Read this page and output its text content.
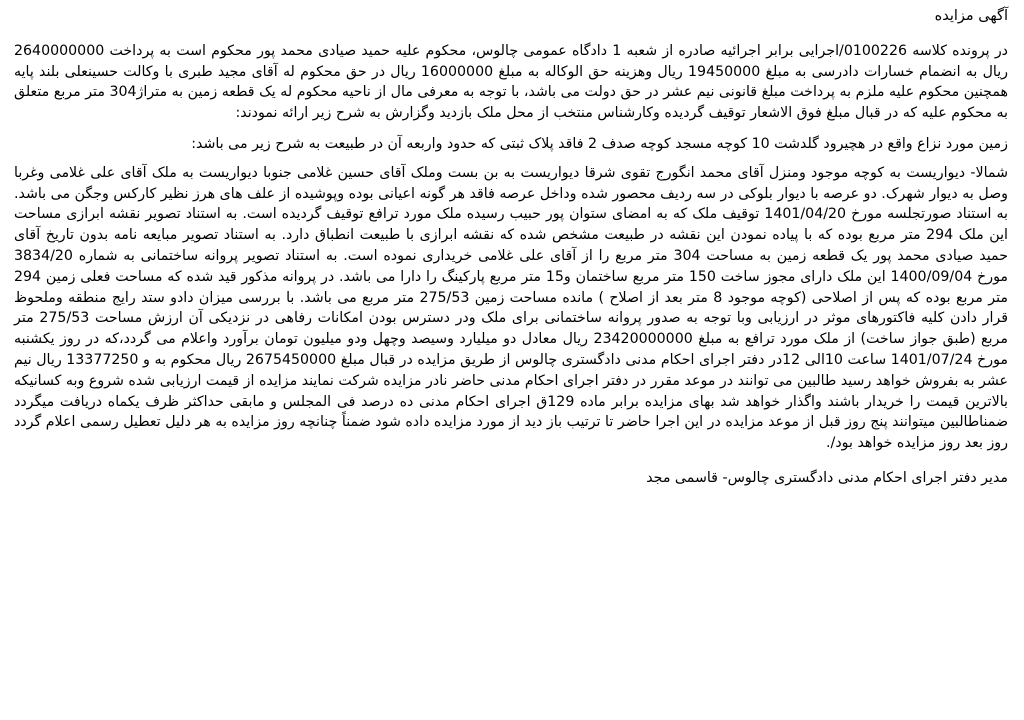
آگهی مزایده

در پرونده کلاسه 0100226/اجرایی برابر اجرائیه صادره از شعبه 1 دادگاه عمومی چالوس، محکوم علیه حمید صیادی محمد پور محکوم است به پرداخت 2640000000 ریال به انضمام خسارات دادرسی به مبلغ 19450000 ریال وهزینه حق الوکاله به مبلغ 16000000 ریال در حق محکوم له آقای مجید طبری با وکالت حسینعلی بلند پایه همچنین محکوم علیه ملزم به پرداخت مبلغ قانونی نیم عشر در حق دولت می باشد، با توجه به معرفی مال از ناحیه محکوم له یک قطعه زمین به متراژ304 متر مربع متعلق به محکوم علیه که در قبال مبلغ فوق الاشعار توقیف گردیده وکارشناس منتخب از محل ملک بازدید وگزارش به شرح زیر ارائه نمودند:

زمین مورد نزاع واقع در هچیرود گلدشت 10 کوچه مسجد کوچه صدف 2 فاقد پلاک ثبتی که حدود واربعه آن در طبیعت به شرح زیر می باشد:

شمالا- دیواریست به کوچه موجود ومنزل آقای محمد انگورج تقوی شرقا دیواریست به بن بست وملک آقای حسین غلامی جنوبا دیواریست به ملک آقای علی غلامی وغربا وصل به دیوار شهرک. دو عرصه با دیوار بلوکی در سه ردیف محصور شده وداخل عرصه فاقد هر گونه اعیانی بوده وپوشیده از علف های هرز نظیر کارکس وجگن می باشد. به استناد صورتجلسه مورخ 1401/04/20 توقیف ملک که به امضای ستوان پور حبیب رسیده ملک مورد ترافع توقیف گردیده است. به استناد تصویر نقشه ابرازی مساحت این ملک 294 متر مربع بوده که با پیاده نمودن این نقشه در طبیعت مشخص شده که نقشه ابرازی با طبیعت انطباق دارد. به استناد تصویر مبایعه نامه بدون تاریخ آقای حمید صیادی محمد پور یک قطعه زمین به مساحت 304 متر مربع را از آقای علی غلامی خریداری نموده است. به استناد تصویر پروانه ساختمانی به شماره 3834/20 مورخ 1400/09/04 این ملک دارای مجوز ساخت 150 متر مربع ساختمان و15 متر مربع پارکینگ را دارا می باشد. در پروانه مذکور قید شده که مساحت فعلی زمین 294 متر مربع بوده که پس از اصلاحی (کوچه موجود 8 متر بعد از اصلاح ) مانده مساحت زمین 275/53 متر مربع می باشد. با بررسی میزان دادو ستد رایج منطقه وملحوظ قرار دادن کلیه فاکتورهای موثر در ارزیابی وبا توجه به صدور پروانه ساختمانی برای ملک ودر دسترس بودن امکانات رفاهی در نزدیکی آن ارزش مساحت 275/53 متر مربع (طبق جواز ساخت) از ملک مورد ترافع به مبلغ 23420000000 ریال معادل دو میلیارد وسیصد وچهل ودو میلیون تومان برآورد واعلام می گردد،که در روز یکشنبه مورخ 1401/07/24 ساعت 10الی 12در دفتر اجرای احکام مدنی دادگستری چالوس از طریق مزایده در قبال مبلغ 2675450000 ریال محکوم به و 13377250 ریال نیم عشر به بفروش خواهد رسید طالبین می توانند در موعد مقرر در دفتر اجرای احکام مدنی حاضر نادر مزایده شرکت نمایند مزایده از قیمت ارزیابی شده شروع وبه کسانیکه بالاترین قیمت را خریدار باشند واگذار خواهد شد بهای مزایده برابر ماده 129ق اجرای احکام مدنی ده درصد فی المجلس و مابقی حداکثر ظرف یکماه دریافت میگردد ضمناطالبین میتوانند پنج روز قبل از موعد مزایده در این اجرا حاضر تا ترتیب باز دید از مورد مزایده داده شود ضمناً چنانچه روز مزایده به هر دلیل تعطیل رسمی اعلام گردد روز بعد روز مزایده خواهد بود/.

مدیر دفتر اجرای احکام مدنی دادگستری چالوس- قاسمی مجد
